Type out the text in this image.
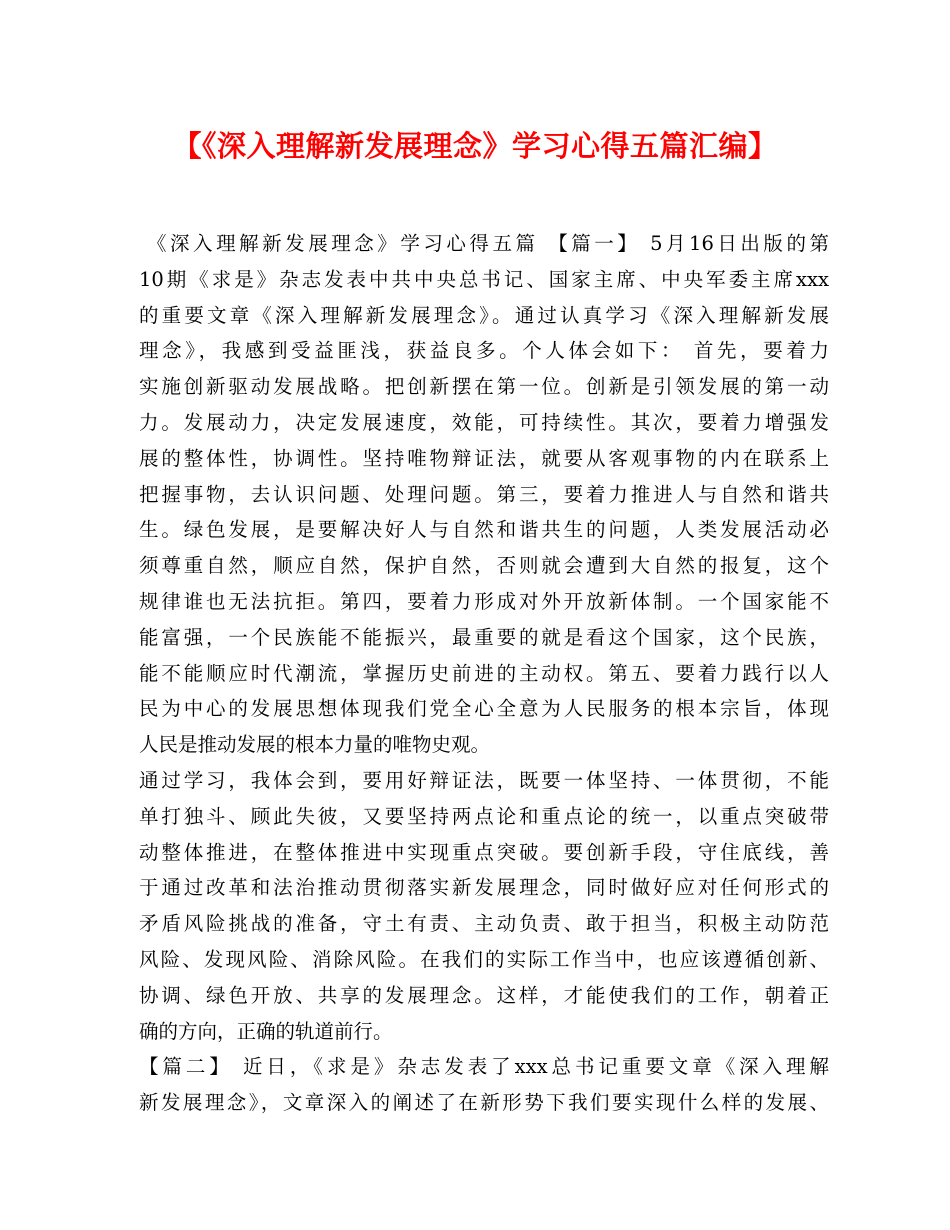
【《深入理解新发展理念》学习心得五篇汇编】
《深入理解新发展理念》学习心得五篇 【篇一】 5月16日出版的第
10期《求是》杂志发表中共中央总书记、国家主席、中央军委主席xxx
的重要文章《深入理解新发展理念》。通过认真学习《深入理解新发展
理念》，我感到受益匪浅，获益良多。个人体会如下： 首先，要着力
实施创新驱动发展战略。把创新摆在第一位。创新是引领发展的第一动
力。发展动力，决定发展速度，效能，可持续性。其次，要着力增强发
展的整体性，协调性。坚持唯物辩证法，就要从客观事物的内在联系上
把握事物，去认识问题、处理问题。第三，要着力推进人与自然和谐共
生。绿色发展，是要解决好人与自然和谐共生的问题，人类发展活动必
须尊重自然，顺应自然，保护自然，否则就会遭到大自然的报复，这个
规律谁也无法抗拒。第四，要着力形成对外开放新体制。一个国家能不
能富强，一个民族能不能振兴，最重要的就是看这个国家，这个民族，
能不能顺应时代潮流，掌握历史前进的主动权。第五、要着力践行以人
民为中心的发展思想体现我们党全心全意为人民服务的根本宗旨，体现
人民是推动发展的根本力量的唯物史观。
通过学习，我体会到，要用好辩证法，既要一体坚持、一体贯彻，不能
单打独斗、顾此失彼，又要坚持两点论和重点论的统一，以重点突破带
动整体推进，在整体推进中实现重点突破。要创新手段，守住底线，善
于通过改革和法治推动贯彻落实新发展理念，同时做好应对任何形式的
矛盾风险挑战的准备，守土有责、主动负责、敢于担当，积极主动防范
风险、发现风险、消除风险。在我们的实际工作当中，也应该遵循创新、
协调、绿色开放、共享的发展理念。这样，才能使我们的工作，朝着正
确的方向，正确的轨道前行。
【篇二】 近日，《求是》杂志发表了xxx总书记重要文章《深入理解
新发展理念》，文章深入的阐述了在新形势下我们要实现什么样的发展、
